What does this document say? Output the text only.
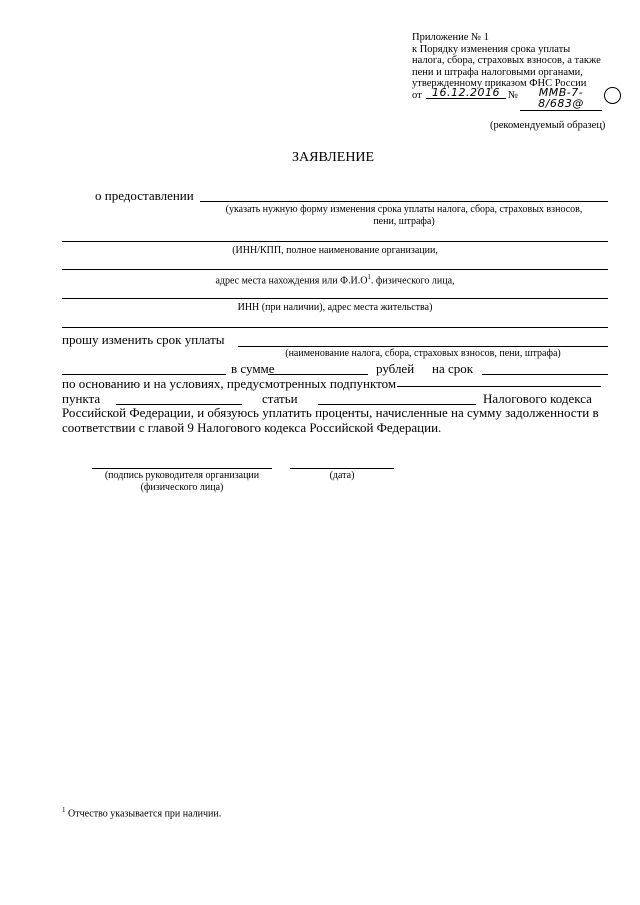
Приложение № 1
к Порядку изменения срока уплаты
налога, сбора, страховых взносов, а также
пени и штрафа налоговыми органами,
утвержденному приказом ФНС России
от 16.12.2016 №	ММВ-7-8/683@
(рекомендуемый образец)
ЗАЯВЛЕНИЕ
о предоставлении
(указать нужную форму изменения срока уплаты налога, сбора, страховых взносов,
пени, штрафа)
(ИНН/КПП, полное наименование организации,
адрес места нахождения или $Ф.И.О^1$. физического лица,
ИНН (при наличии), адрес места жительства)
прошу изменить срок уплаты
(наименование налога, сбора, страховых взносов, пени, штрафа)
в сумме	рублей на срок
по основанию и на условиях, предусмотренных подпунктом
пункта	статьи	Налогового кодекса
Российской Федерации, и обязуюсь уплатить проценты, начисленные на сумму задолженности в
соответствии с главой 9 Налогового кодекса Российской Федерации.
(подпись руководителя организации
(физического лица)
(дата)
$^1$ Отчество указывается при наличии.
